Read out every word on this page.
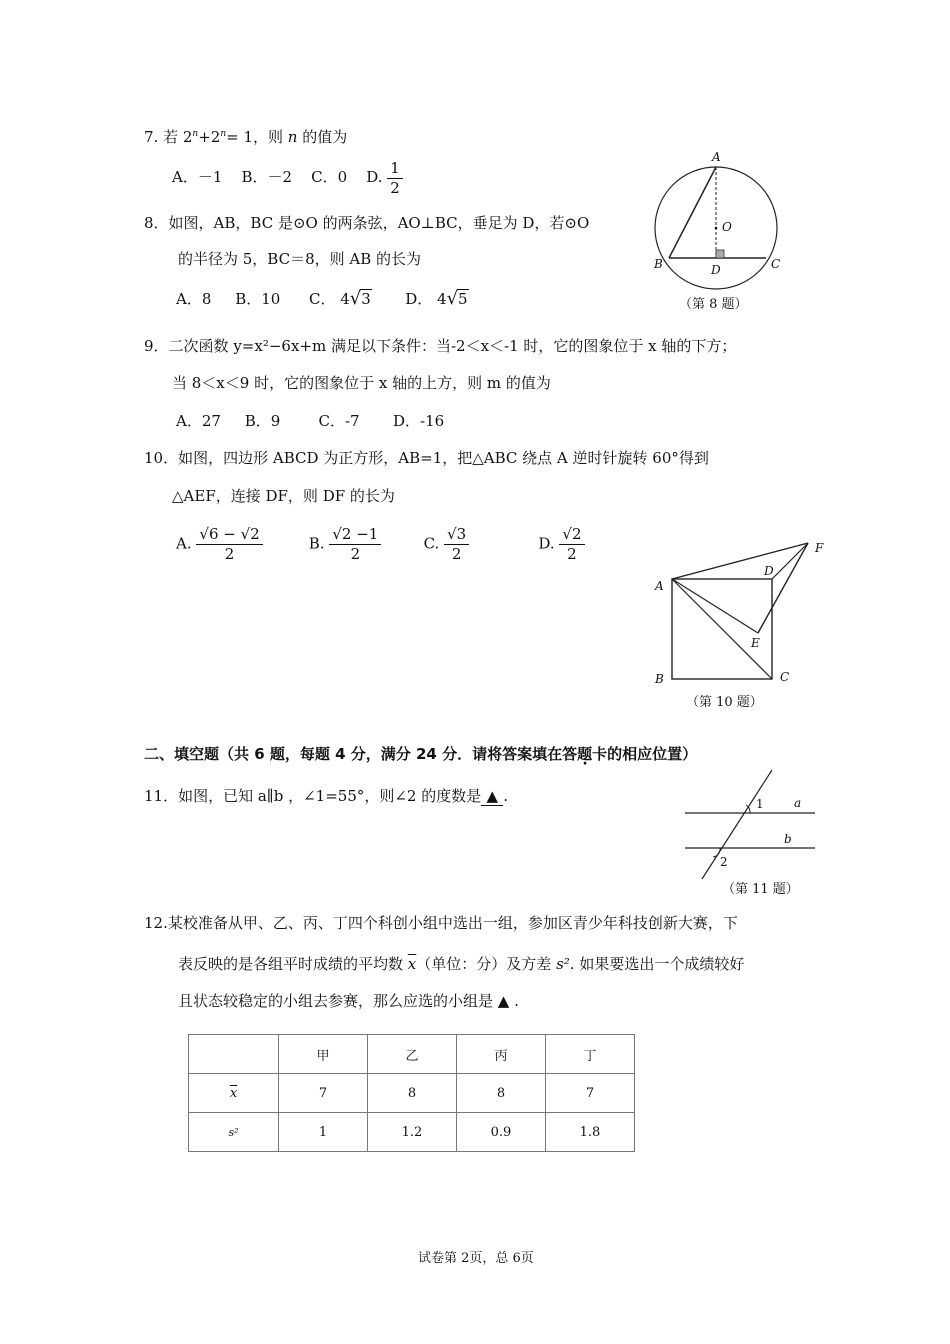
7. 若 $2^n+2^n= 1$，则 n 的值为
A．－1 B．－2 C．0 D. $\frac{1}{2}$
8．如图，AB，BC 是⊙O 的两条弦，AO⊥BC，垂足为 D，若⊙O
的半径为 5，BC＝8，则 AB 的长为
A．8 B．10 C． 4√3 D． 4√5
A
O
B	D	C
（第 8 题）
9．二次函数 y=x²−6x+m 满足以下条件：当-2＜x＜-1 时，它的图象位于 x 轴的下方；
当 8＜x＜9 时，它的图象位于 x 轴的上方，则 m 的值为
A．27 B．9	C．-7 D．-16
10．如图，四边形 ABCD 为正方形，AB=1，把△ABC 绕点 A 逆时针旋转 60°得到
△AEF，连接 DF，则 DF 的长为
A. $\frac{√6 - √2}{2}$	B. $\frac{√2 -1}{2}$	C. $\frac{√3}{2}$	D. $\frac{√2}{2}$
A
B	C
D
E
F
（第 10 题）
二、填空题（共 6 题，每题 4 分，满分 24 分．请将答案填在答题卡的相应位置）
11．如图，已知 a∥b ，∠1=55°，则∠2 的度数是 ▲ .	1	a
b
2
（第 11 题）
12.某校准备从甲、乙、丙、丁四个科创小组中选出一组，参加区青少年科技创新大赛，下
表反映的是各组平时成绩的平均数 $\overline{x}$（单位：分）及方差 s². 如果要选出一个成绩较好
且状态较稳定的小组去参赛，那么应选的小组是 ▲ .
	甲	乙	丙	丁
$\overline{x}$	7	8	8	7
s²	1	1.2	0.9	1.8
试卷第 2页，总 6页
